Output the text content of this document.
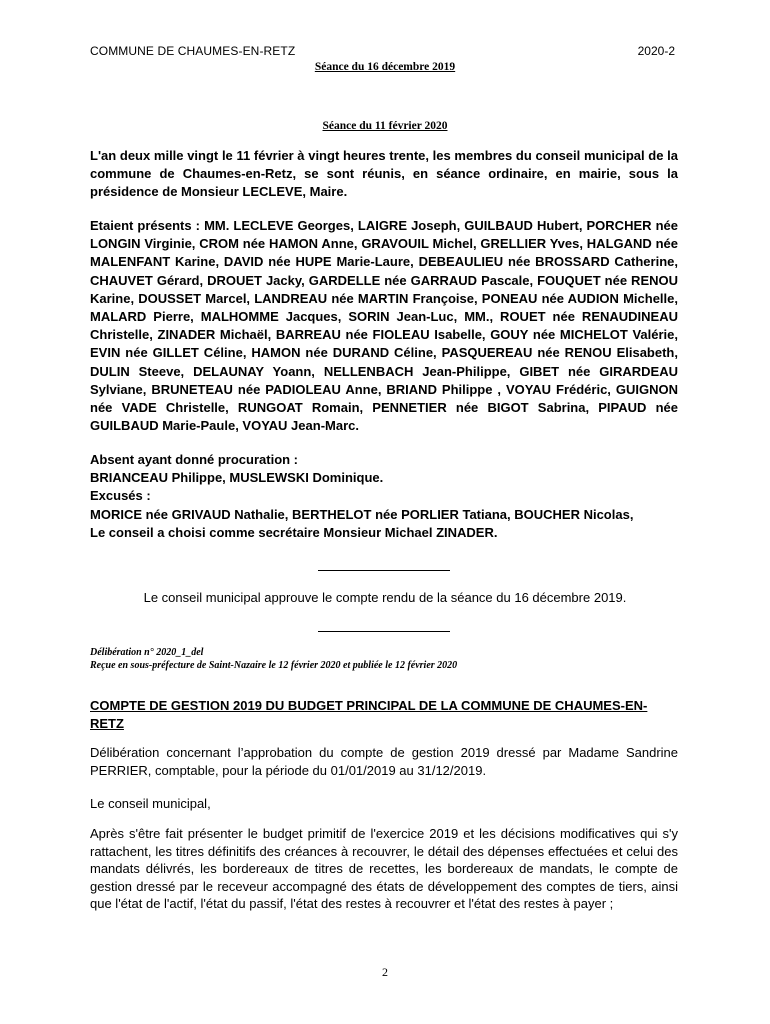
COMMUNE DE CHAUMES-EN-RETZ	2020-2
Séance du 16 décembre 2019
Séance du 11 février 2020
L'an deux mille vingt le 11 février à vingt heures trente, les membres du conseil municipal de la commune de Chaumes-en-Retz, se sont réunis, en séance ordinaire, en mairie, sous la présidence de Monsieur LECLEVE, Maire.
Etaient présents : MM. LECLEVE Georges, LAIGRE Joseph, GUILBAUD Hubert, PORCHER née LONGIN Virginie, CROM née HAMON Anne, GRAVOUIL Michel, GRELLIER Yves, HALGAND née MALENFANT Karine, DAVID née HUPE Marie-Laure, DEBEAULIEU née BROSSARD Catherine, CHAUVET Gérard, DROUET Jacky, GARDELLE née GARRAUD Pascale, FOUQUET née RENOU Karine, DOUSSET Marcel, LANDREAU née MARTIN Françoise, PONEAU née AUDION Michelle, MALARD Pierre, MALHOMME Jacques, SORIN Jean-Luc, MM., ROUET née RENAUDINEAU Christelle, ZINADER Michaël, BARREAU née FIOLEAU Isabelle, GOUY née MICHELOT Valérie, EVIN née GILLET Céline, HAMON née DURAND Céline, PASQUEREAU née RENOU Elisabeth, DULIN Steeve, DELAUNAY Yoann, NELLENBACH Jean-Philippe, GIBET née GIRARDEAU Sylviane, BRUNETEAU née PADIOLEAU Anne, BRIAND Philippe , VOYAU Frédéric, GUIGNON née VADE Christelle, RUNGOAT Romain, PENNETIER née BIGOT Sabrina, PIPAUD née GUILBAUD Marie-Paule, VOYAU Jean-Marc.

Absent ayant donné procuration :

BRIANCEAU Philippe, MUSLEWSKI Dominique.

Excusés :

MORICE née GRIVAUD Nathalie, BERTHELOT née PORLIER Tatiana, BOUCHER Nicolas,

Le conseil a choisi comme secrétaire Monsieur Michael ZINADER.

Le conseil municipal approuve le compte rendu de la séance du 16 décembre 2019.

Délibération n° 2020_1_del

Reçue en sous-préfecture de Saint-Nazaire le 12 février 2020 et publiée le 12 février 2020

COMPTE DE GESTION 2019 DU BUDGET PRINCIPAL DE LA COMMUNE DE CHAUMES-EN-RETZ
Délibération concernant l’approbation du compte de gestion 2019 dressé par Madame Sandrine PERRIER, comptable, pour la période du 01/01/2019 au 31/12/2019.
Le conseil municipal,
Après s'être fait présenter le budget primitif de l'exercice 2019 et les décisions modificatives qui s'y rattachent, les titres définitifs des créances à recouvrer, le détail des dépenses effectuées et celui des mandats délivrés, les bordereaux de titres de recettes, les bordereaux de mandats, le compte de gestion dressé par le receveur accompagné des états de développement des comptes de tiers, ainsi que l'état de l'actif, l'état du passif, l'état des restes à recouvrer et l'état des restes à payer ;
2
